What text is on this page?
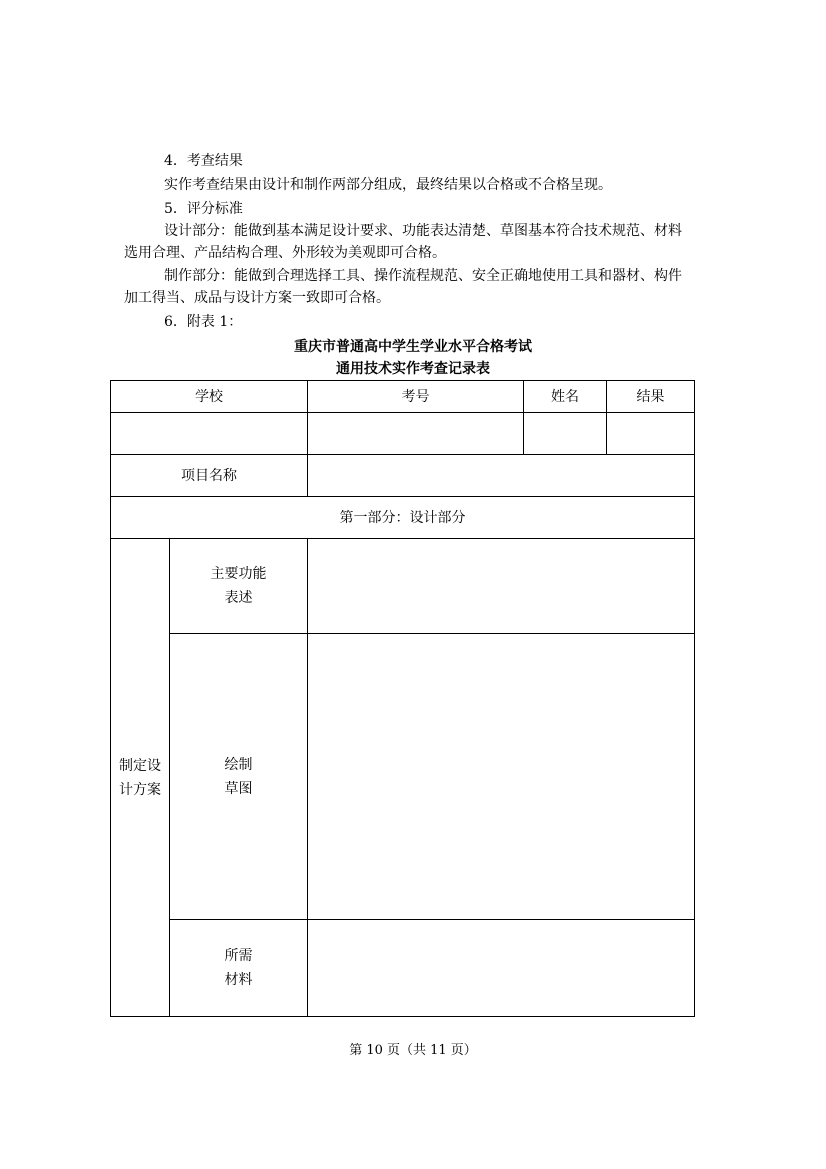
4．考查结果
实作考查结果由设计和制作两部分组成，最终结果以合格或不合格呈现。
5．评分标准
设计部分：能做到基本满足设计要求、功能表达清楚、草图基本符合技术规范、材料
选用合理、产品结构合理、外形较为美观即可合格。
制作部分：能做到合理选择工具、操作流程规范、安全正确地使用工具和器材、构件
加工得当、成品与设计方案一致即可合格。
6．附表 1：
重庆市普通高中学生学业水平合格考试
通用技术实作考查记录表
学校		考号	姓名	结果

项目名称				
第一部分：设计部分				

制定设
计方案	主要功能
表述			

	绘制
草图			

	所需
材料			

第 10 页（共 11 页）
